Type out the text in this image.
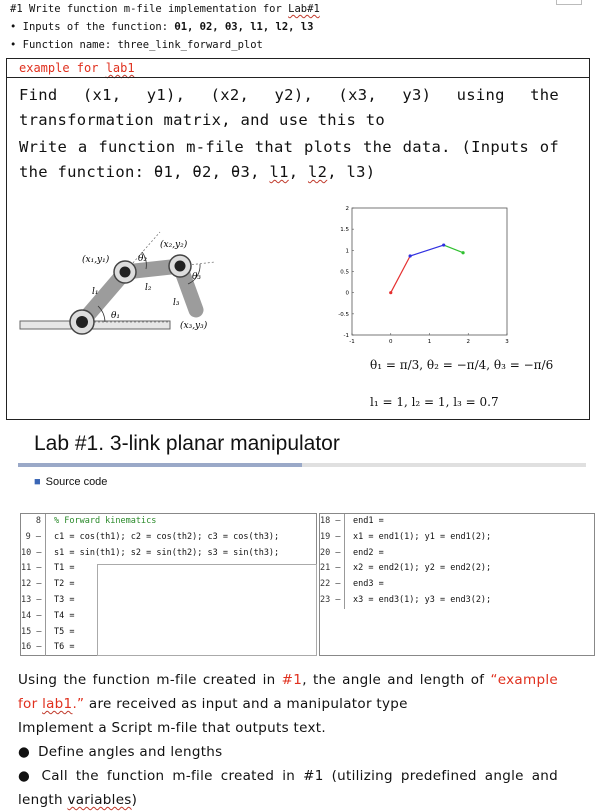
#1 Write function m-file implementation for Lab#1
• Inputs of the function: θ1, θ2, θ3, l1, l2, l3
• Function name: three_link_forward_plot
example for lab1
Find (x1, y1), (x2, y2), (x3, y3) using the transformation matrix, and use this to
Write a function m-file that plots the data. (Inputs of the function: θ1, θ2, θ3, l1, l2, l3)
(x₁,y₁)
(x₂,y₂)
(x₃,y₃)
θ₁
θ₂
θ₃
l₁	l₂
l₃
-1	0	1	2	3
-1
-0.5
0
0.5
1
1.5
2
θ₁ = π/3, θ₂ = −π/4, θ₃ = −π/6
l₁ = 1, l₂ = 1, l₃ = 0.7
Lab #1. 3-link planar manipulator
■ Source code
8	% Forward kinematics
9 —	c1 = cos(th1); c2 = cos(th2); c3 = cos(th3);
10 —	s1 = sin(th1); s2 = sin(th2); s3 = sin(th3);
11 —	T1 =
12 —	T2 =
13 —	T3 =
14 —	T4 =
15 —	T5 =
16 —	T6 =
18 —	end1 =
19 —	x1 = end1(1); y1 = end1(2);
20 —	end2 =
21 —	x2 = end2(1); y2 = end2(2);
22 —	end3 =
23 —	x3 = end3(1); y3 = end3(2);

Using the function m-file created in #1, the angle and length of “example for lab1.” are received as input and a manipulator type

Implement a Script m-file that outputs text.

● Define angles and lengths

● Call the function m-file created in #1 (utilizing predefined angle and length variables)
